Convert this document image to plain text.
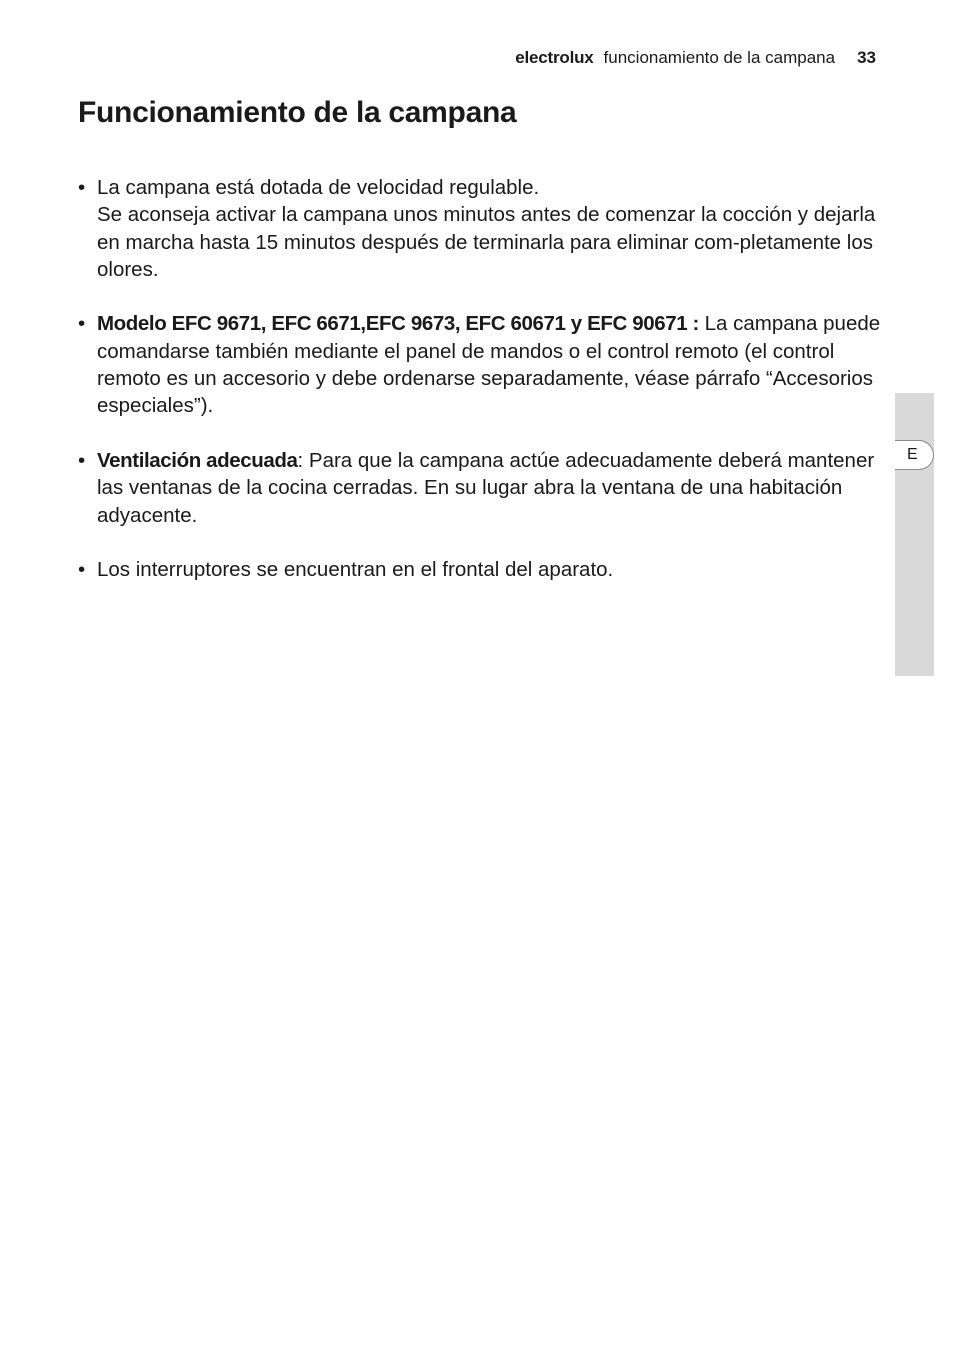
electrolux funcionamiento de la campana 33
Funcionamiento de la campana
• La campana está dotada de velocidad regulable.
Se aconseja activar la campana unos minutos antes de comenzar la cocción y dejarla en marcha hasta 15 minutos después de terminarla para eliminar com-pletamente los olores.
• Modelo EFC 9671, EFC 6671,EFC 9673, EFC 60671 y EFC 90671 : La campana puede comandarse también mediante el panel de mandos o el control remoto (el control remoto es un accesorio y debe ordenarse separadamente, véase párrafo “Accesorios especiales”).
• Ventilación adecuada: Para que la campana actúe adecuadamente deberá mantener las ventanas de la cocina cerradas. En su lugar abra la ventana de una habitación adyacente.
• Los interruptores se encuentran en el frontal del aparato.
E
